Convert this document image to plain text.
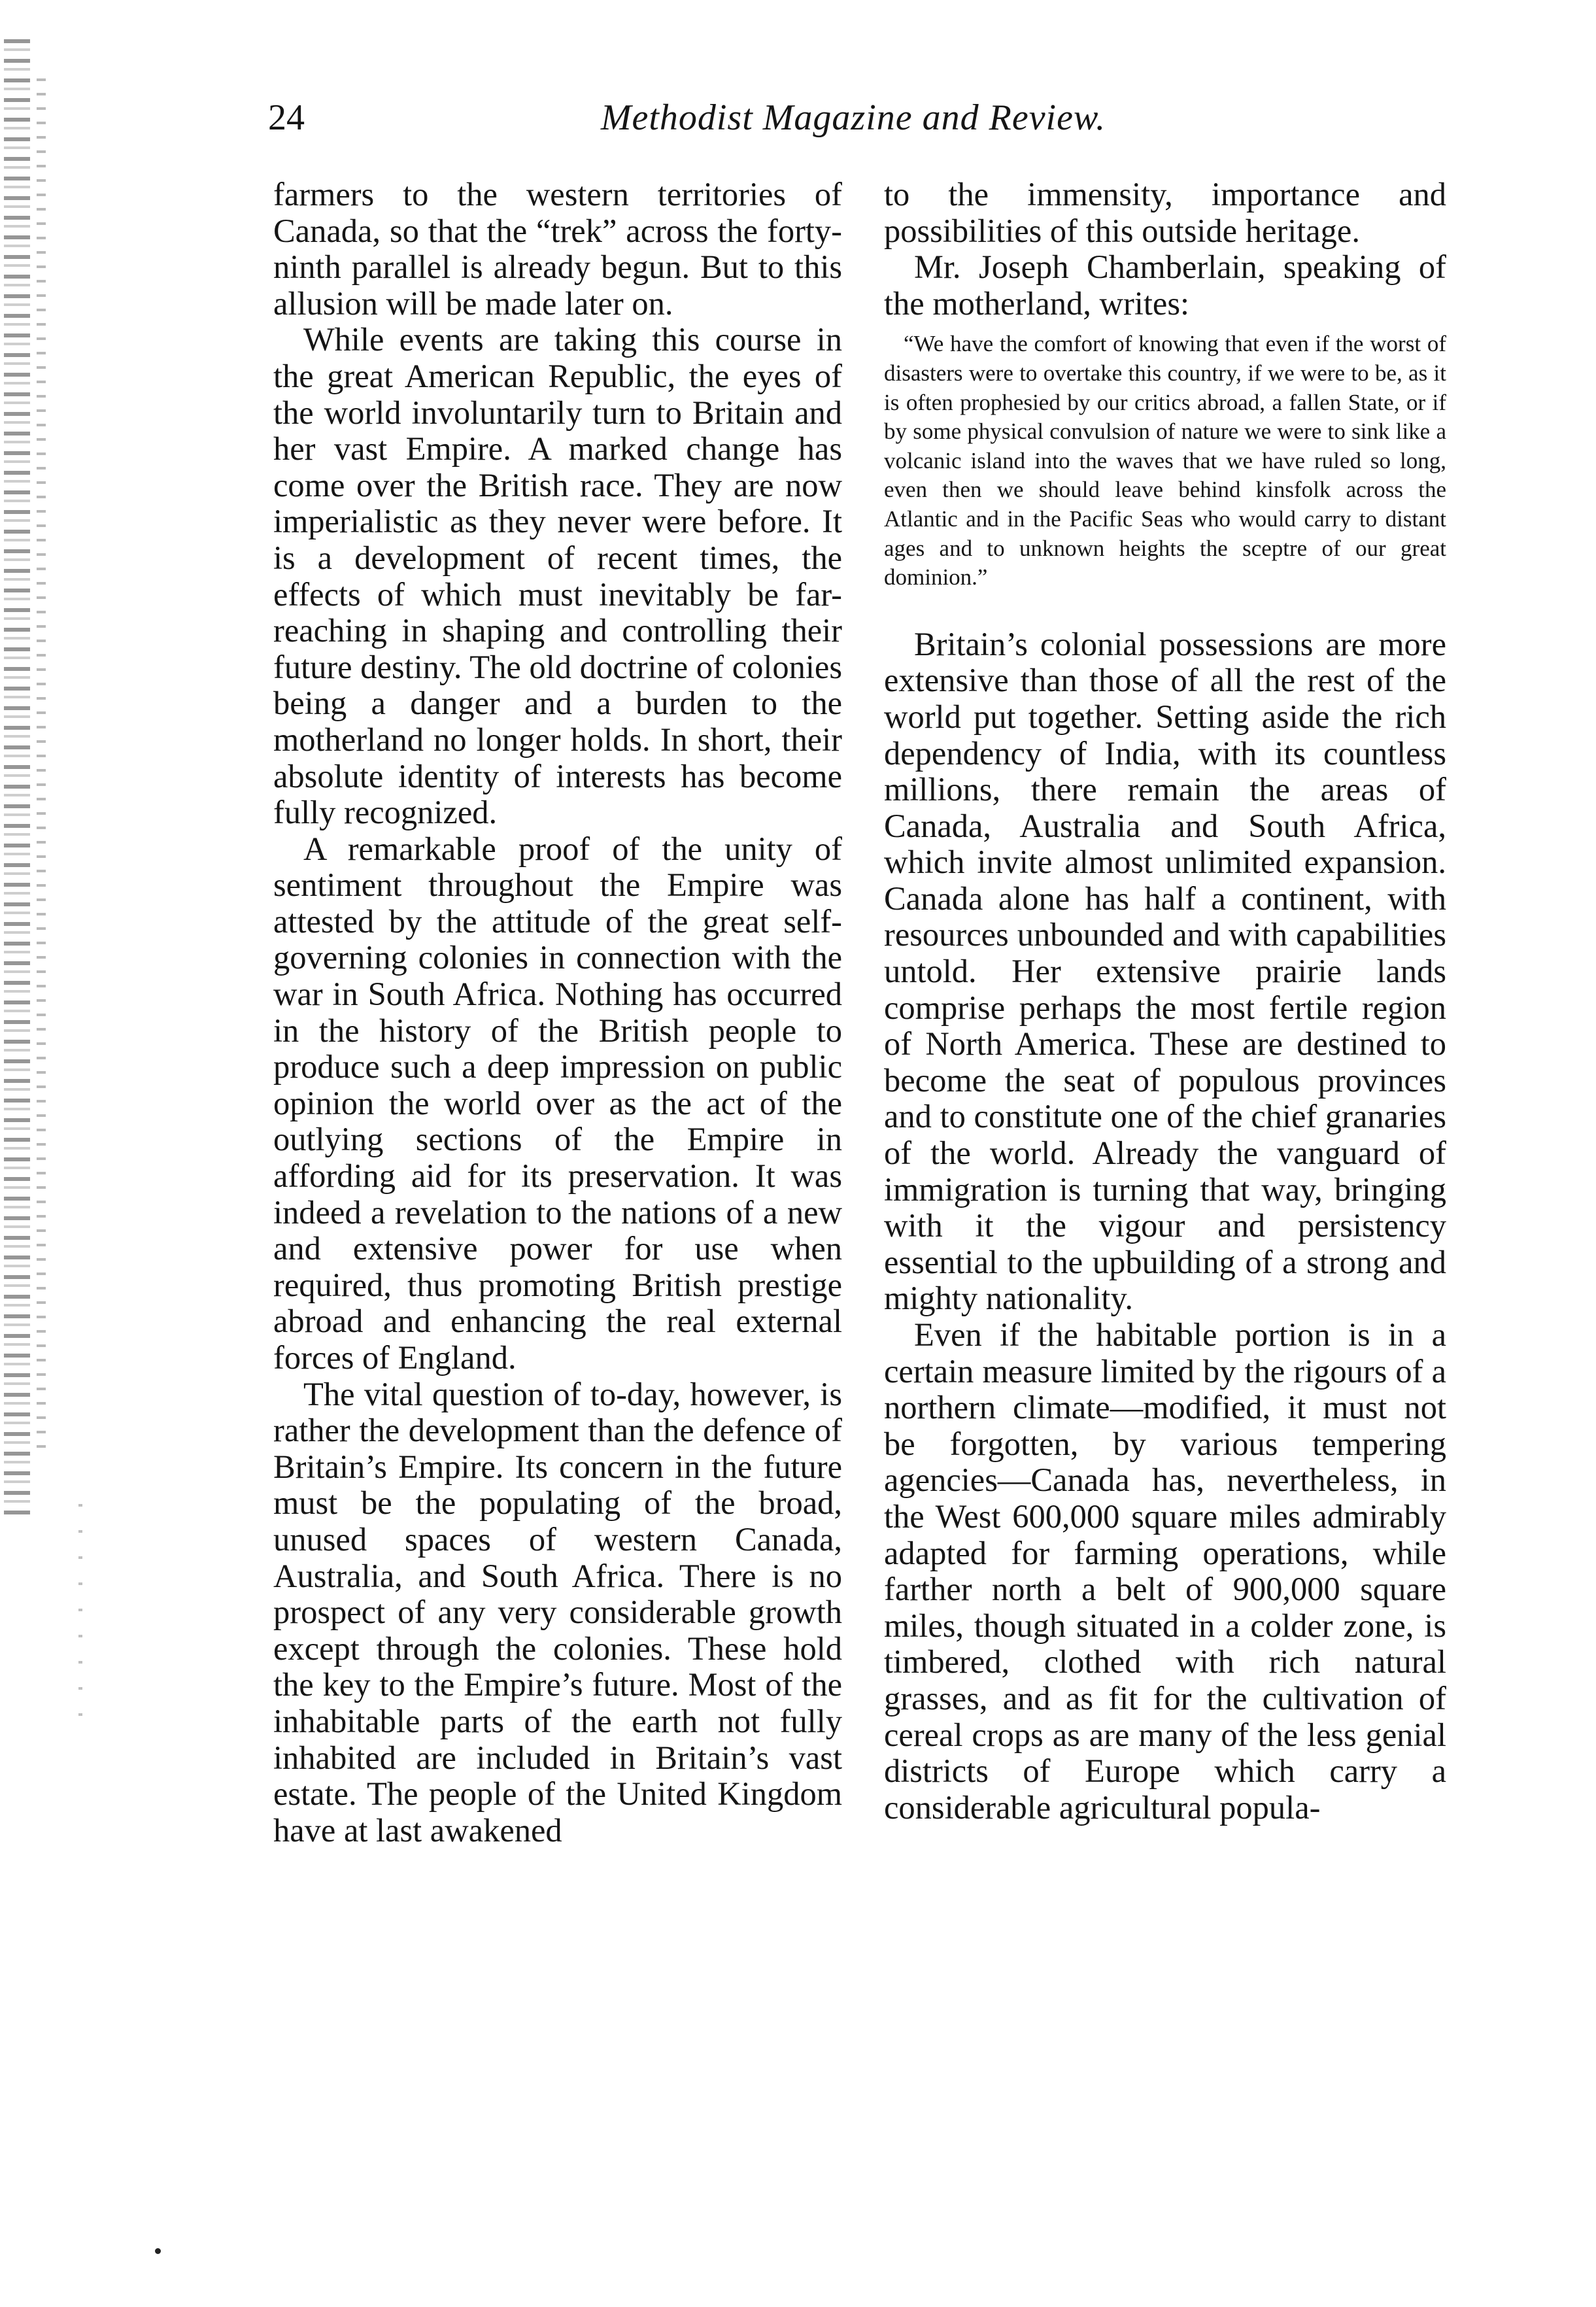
24	Methodist Magazine and Review.

farmers to the western territories of Canada, so that the “trek” across the forty-ninth parallel is already begun. But to this allusion will be made later on.

While events are taking this course in the great American Republic, the eyes of the world involuntarily turn to Britain and her vast Empire. A marked change has come over the British race. They are now imperialistic as they never were before. It is a development of recent times, the effects of which must inevitably be far-reaching in shaping and controlling their future destiny. The old doctrine of colonies being a danger and a burden to the motherland no longer holds. In short, their absolute identity of interests has become fully recognized.

A remarkable proof of the unity of sentiment throughout the Empire was attested by the attitude of the great self-governing colonies in connection with the war in South Africa. Nothing has occurred in the history of the British people to produce such a deep impression on public opinion the world over as the act of the outlying sections of the Empire in affording aid for its preservation. It was indeed a revelation to the nations of a new and extensive power for use when required, thus promoting British prestige abroad and enhancing the real external forces of England.

The vital question of to-day, however, is rather the development than the defence of Britain’s Empire. Its concern in the future must be the populating of the broad, unused spaces of western Canada, Australia, and South Africa. There is no prospect of any very considerable growth except through the colonies. These hold the key to the Empire’s future. Most of the inhabitable parts of the earth not fully inhabited are included in Britain’s vast estate. The people of the United Kingdom have at last awakened

to the immensity, importance and possibilities of this outside heritage.

Mr. Joseph Chamberlain, speaking of the motherland, writes:

“We have the comfort of knowing that even if the worst of disasters were to overtake this country, if we were to be, as it is often prophesied by our critics abroad, a fallen State, or if by some physical convulsion of nature we were to sink like a volcanic island into the waves that we have ruled so long, even then we should leave behind kinsfolk across the Atlantic and in the Pacific Seas who would carry to distant ages and to unknown heights the sceptre of our great dominion.”

Britain’s colonial possessions are more extensive than those of all the rest of the world put together. Setting aside the rich dependency of India, with its countless millions, there remain the areas of Canada, Australia and South Africa, which invite almost unlimited expansion. Canada alone has half a continent, with resources unbounded and with capabilities untold. Her extensive prairie lands comprise perhaps the most fertile region of North America. These are destined to become the seat of populous provinces and to constitute one of the chief granaries of the world. Already the vanguard of immigration is turning that way, bringing with it the vigour and persistency essential to the upbuilding of a strong and mighty nationality.

Even if the habitable portion is in a certain measure limited by the rigours of a northern climate—modified, it must not be forgotten, by various tempering agencies—Canada has, nevertheless, in the West 600,000 square miles admirably adapted for farming operations, while farther north a belt of 900,000 square miles, though situated in a colder zone, is timbered, clothed with rich natural grasses, and as fit for the cultivation of cereal crops as are many of the less genial districts of Europe which carry a considerable agricultural popula-
